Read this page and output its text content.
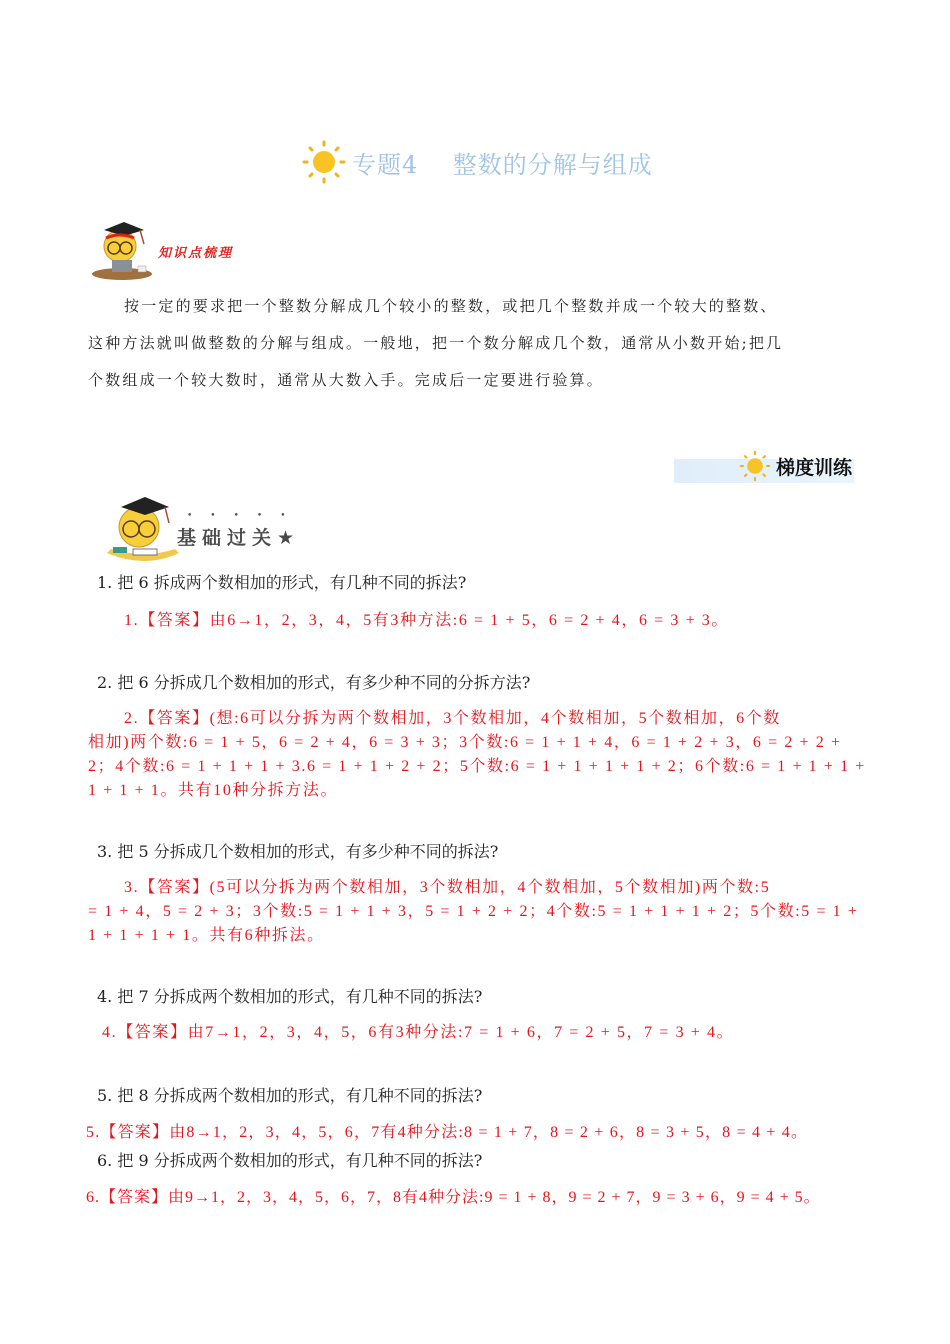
专题4    整数的分解与组成
知识点梳理
按一定的要求把一个整数分解成几个较小的整数，或把几个整数并成一个较大的整数、
这种方法就叫做整数的分解与组成。一般地，把一个数分解成几个数，通常从小数开始;把几
个数组成一个较大数时，通常从大数入手。完成后一定要进行验算。
梯度训练
•••••
基础过关★
1. 把 6 拆成两个数相加的形式，有几种不同的拆法?
1.【答案】由6→1，2，3，4，5有3种方法:6 = 1 + 5，6 = 2 + 4，6 = 3 + 3。
2. 把 6 分拆成几个数相加的形式，有多少种不同的分拆方法?
2.【答案】(想:6可以分拆为两个数相加，3个数相加，4个数相加，5个数相加，6个数
相加)两个数:6 = 1 + 5，6 = 2 + 4，6 = 3 + 3；3个数:6 = 1 + 1 + 4，6 = 1 + 2 + 3，6 = 2 + 2 +
2；4个数:6 = 1 + 1 + 1 + 3.6 = 1 + 1 + 2 + 2；5个数:6 = 1 + 1 + 1 + 1 + 2；6个数:6 = 1 + 1 + 1 +
1 + 1 + 1。共有10种分拆方法。
3. 把 5 分拆成几个数相加的形式，有多少种不同的拆法?
3.【答案】(5可以分拆为两个数相加，3个数相加，4个数相加，5个数相加)两个数:5
= 1 + 4，5 = 2 + 3；3个数:5 = 1 + 1 + 3，5 = 1 + 2 + 2；4个数:5 = 1 + 1 + 1 + 2；5个数:5 = 1 +
1 + 1 + 1 + 1。共有6种拆法。
4. 把 7 分拆成两个数相加的形式，有几种不同的拆法?
4.【答案】由7→1，2，3，4，5，6有3种分法:7 = 1 + 6，7 = 2 + 5，7 = 3 + 4。
5. 把 8 分拆成两个数相加的形式，有几种不同的拆法?
5.【答案】由8→1，2，3，4，5，6，7有4种分法:8 = 1 + 7，8 = 2 + 6，8 = 3 + 5，8 = 4 + 4。
6. 把 9 分拆成两个数相加的形式，有几种不同的拆法?
6.【答案】由9→1，2，3，4，5，6，7，8有4种分法:9 = 1 + 8，9 = 2 + 7，9 = 3 + 6，9 = 4 + 5。
